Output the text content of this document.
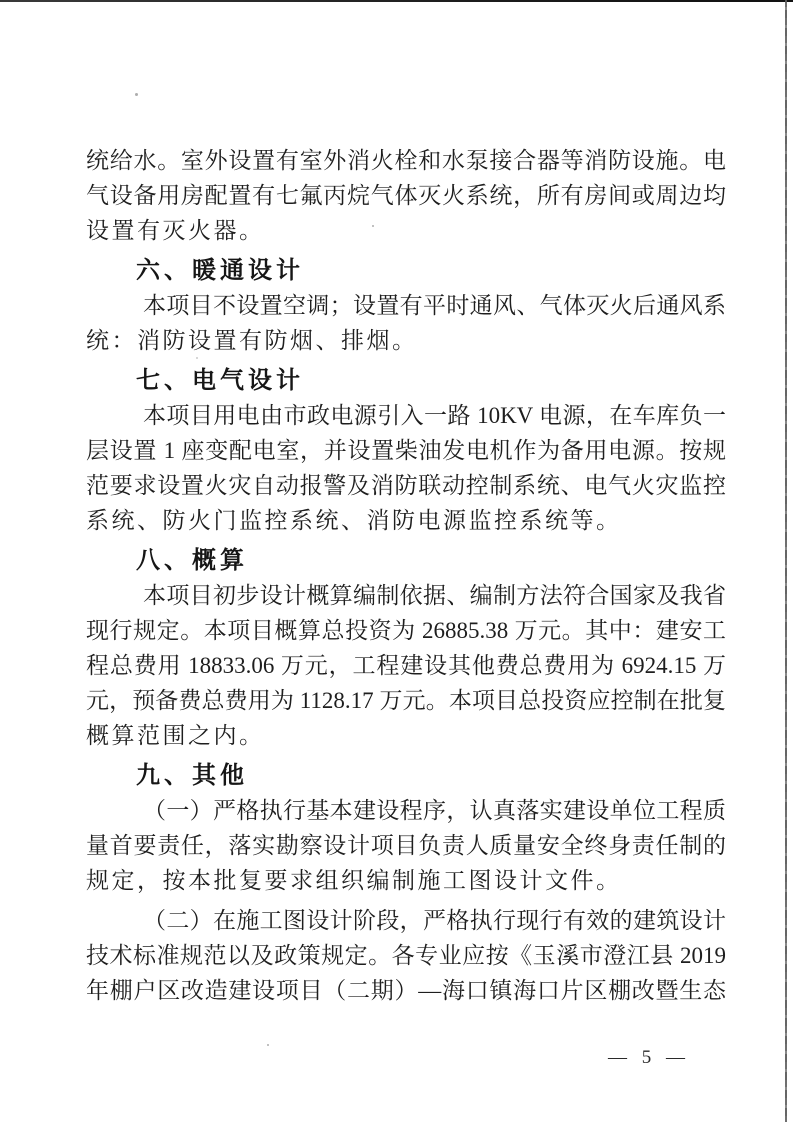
统给水。室外设置有室外消火栓和水泵接合器等消防设施。电
气设备用房配置有七氟丙烷气体灭火系统，所有房间或周边均
设置有灭火器。
六、暖通设计
本项目不设置空调；设置有平时通风、气体灭火后通风系
统：消防设置有防烟、排烟。
七、电气设计
本项目用电由市政电源引入一路 10KV 电源，在车库负一
层设置 1 座变配电室，并设置柴油发电机作为备用电源。按规
范要求设置火灾自动报警及消防联动控制系统、电气火灾监控
系统、防火门监控系统、消防电源监控系统等。
八、概算
本项目初步设计概算编制依据、编制方法符合国家及我省
现行规定。本项目概算总投资为 26885.38 万元。其中：建安工
程总费用 18833.06 万元，工程建设其他费总费用为 6924.15 万
元，预备费总费用为 1128.17 万元。本项目总投资应控制在批复
概算范围之内。
九、其他
（一）严格执行基本建设程序，认真落实建设单位工程质
量首要责任，落实勘察设计项目负责人质量安全终身责任制的
规定，按本批复要求组织编制施工图设计文件。
（二）在施工图设计阶段，严格执行现行有效的建筑设计
技术标准规范以及政策规定。各专业应按《玉溪市澄江县 2019
年棚户区改造建设项目（二期）—海口镇海口片区棚改暨生态
— 5 —
